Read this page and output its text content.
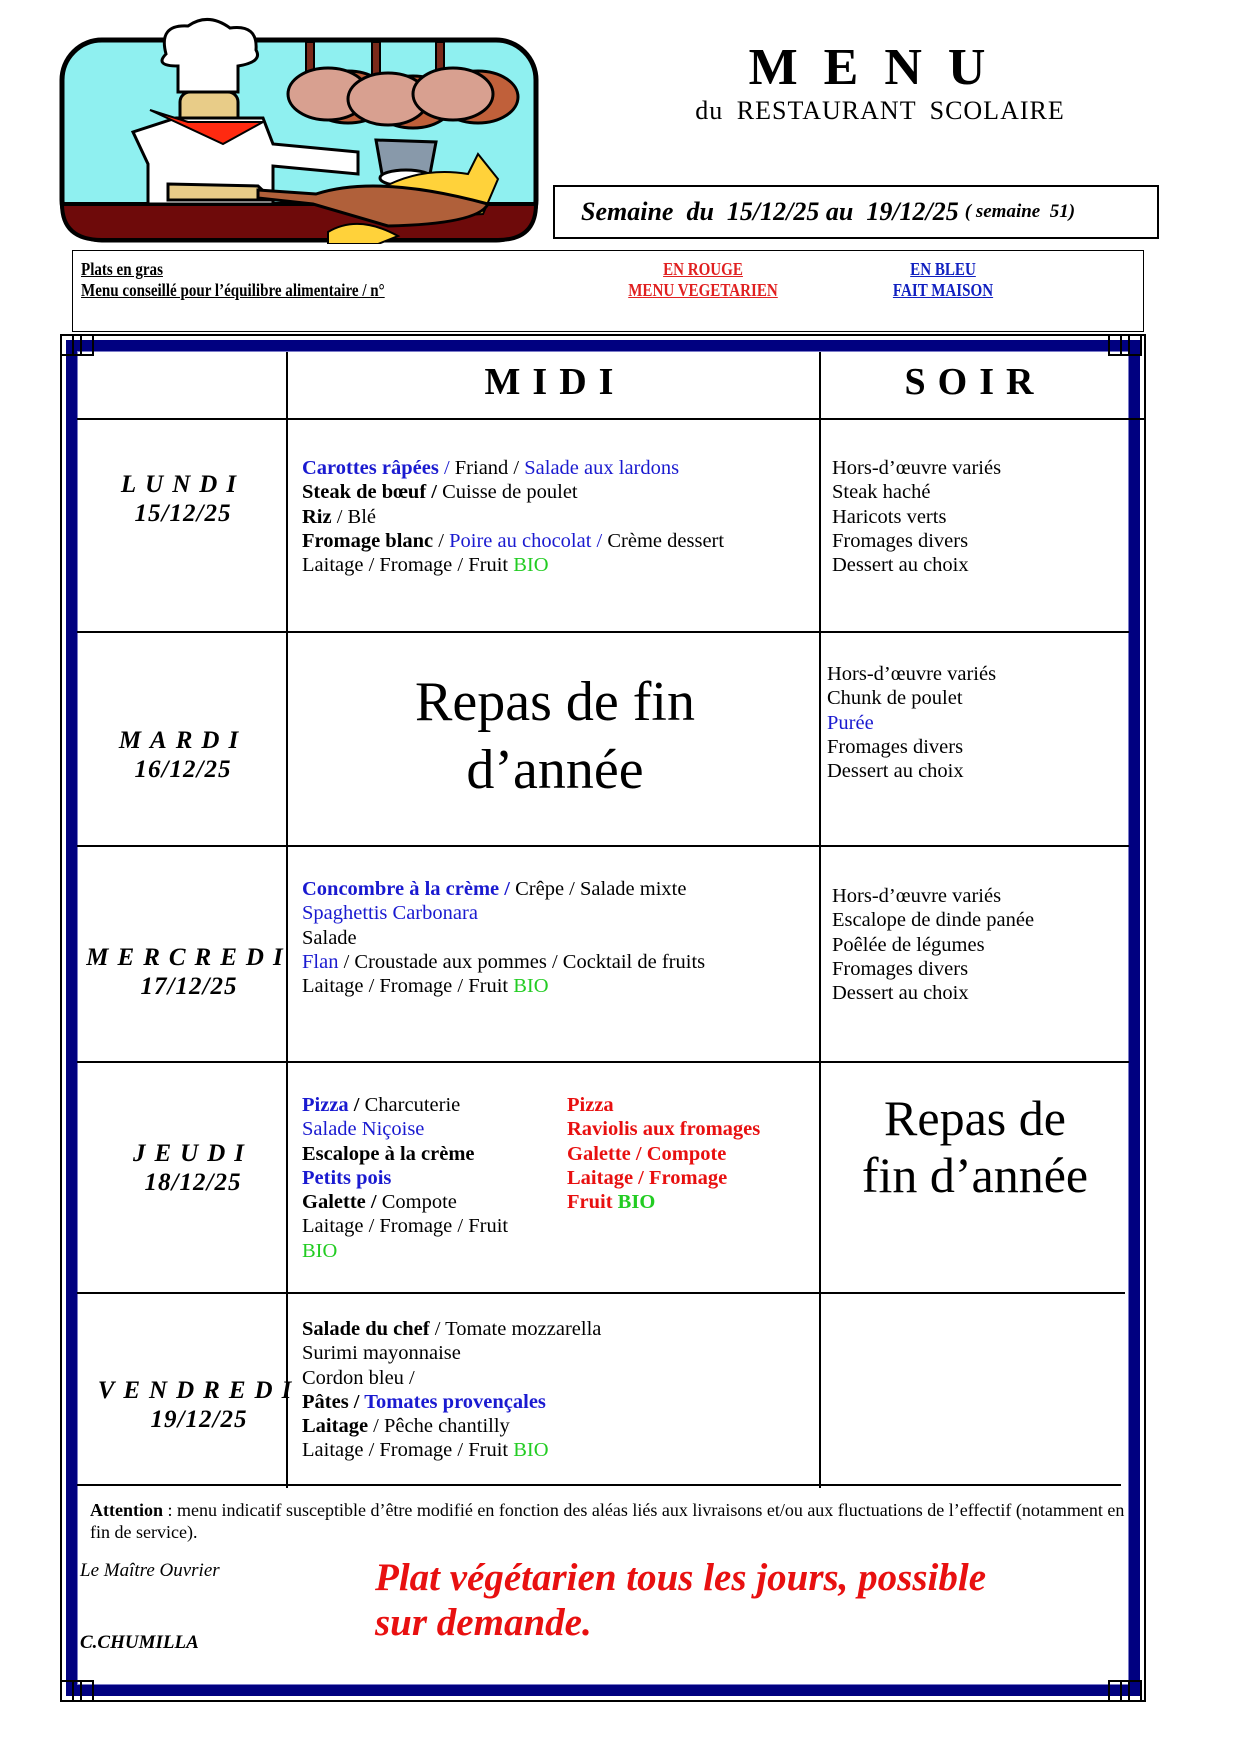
MENU
du RESTAURANT SCOLAIRE
Semaine  du  15/12/25 au  19/12/25 ( semaine  51)
Plats en gras
Menu conseillé pour l’équilibre alimentaire / n°
EN ROUGE
MENU VEGETARIEN
EN BLEU
FAIT MAISON
MIDI	SOIR
LUNDI
15/12/25
MARDI
16/12/25
MERCREDI
17/12/25
JEUDI
18/12/25
VENDREDI
19/12/25
Carottes râpées / Friand / Salade aux lardons
Steak de bœuf / Cuisse de poulet
Riz / Blé
Fromage blanc / Poire au chocolat / Crème dessert
Laitage / Fromage / Fruit BIO
Hors-d’œuvre variés
Steak haché
Haricots verts
Fromages divers
Dessert au choix
Repas de fin
d’année
Hors-d’œuvre variés
Chunk de poulet
Purée
Fromages divers
Dessert au choix
Concombre à la crème / Crêpe / Salade mixte
Spaghettis Carbonara
Salade
Flan / Croustade aux pommes / Cocktail de fruits
Laitage / Fromage / Fruit BIO
Hors-d’œuvre variés
Escalope de dinde panée
Poêlée de légumes
Fromages divers
Dessert au choix
Pizza / Charcuterie
Salade Niçoise
Escalope à la crème
Petits pois
Galette / Compote
Laitage / Fromage / Fruit
BIO
Pizza
Raviolis aux fromages
Galette / Compote
Laitage / Fromage
Fruit BIO
Repas de
fin d’année
Salade du chef / Tomate mozzarella
Surimi mayonnaise
Cordon bleu /
Pâtes / Tomates provençales
Laitage / Pêche chantilly
Laitage / Fromage / Fruit BIO
Attention : menu indicatif susceptible d’être modifié en fonction des aléas liés aux livraisons et/ou aux fluctuations de l’effectif (notamment en fin de service).
Le Maître Ouvrier
C.CHUMILLA
Plat végétarien tous les jours, possible
sur demande.
